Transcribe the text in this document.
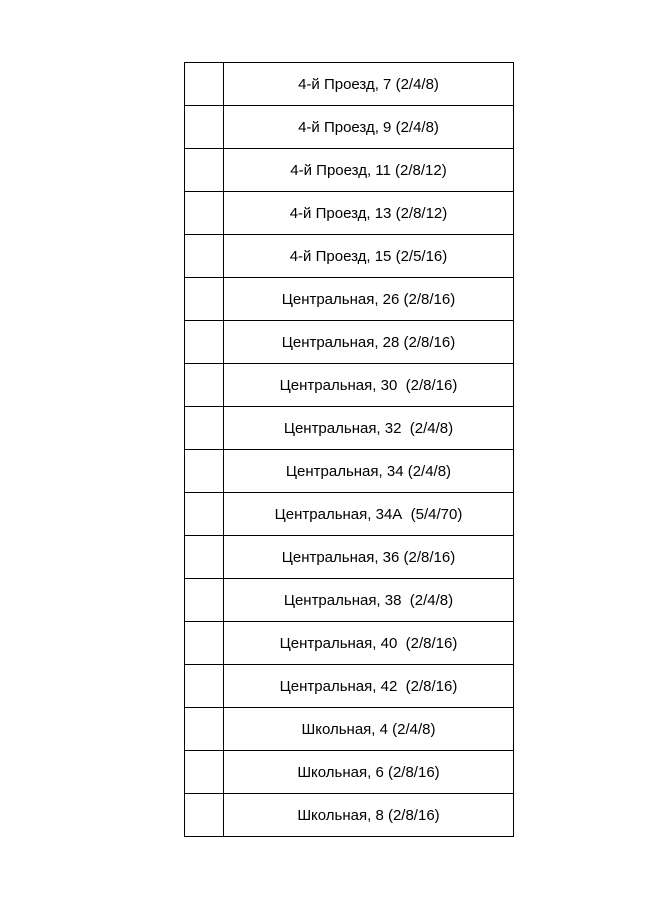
	4-й Проезд, 7 (2/4/8)
	4-й Проезд, 9 (2/4/8)
	4-й Проезд, 11 (2/8/12)
	4-й Проезд, 13 (2/8/12)
	4-й Проезд, 15 (2/5/16)
	Центральная, 26 (2/8/16)
	Центральная, 28 (2/8/16)
	Центральная, 30  (2/8/16)
	Центральная, 32  (2/4/8)
	Центральная, 34 (2/4/8)
	Центральная, 34А  (5/4/70)
	Центральная, 36 (2/8/16)
	Центральная, 38  (2/4/8)
	Центральная, 40  (2/8/16)
	Центральная, 42  (2/8/16)
	Школьная, 4 (2/4/8)
	Школьная, 6 (2/8/16)
	Школьная, 8 (2/8/16)
